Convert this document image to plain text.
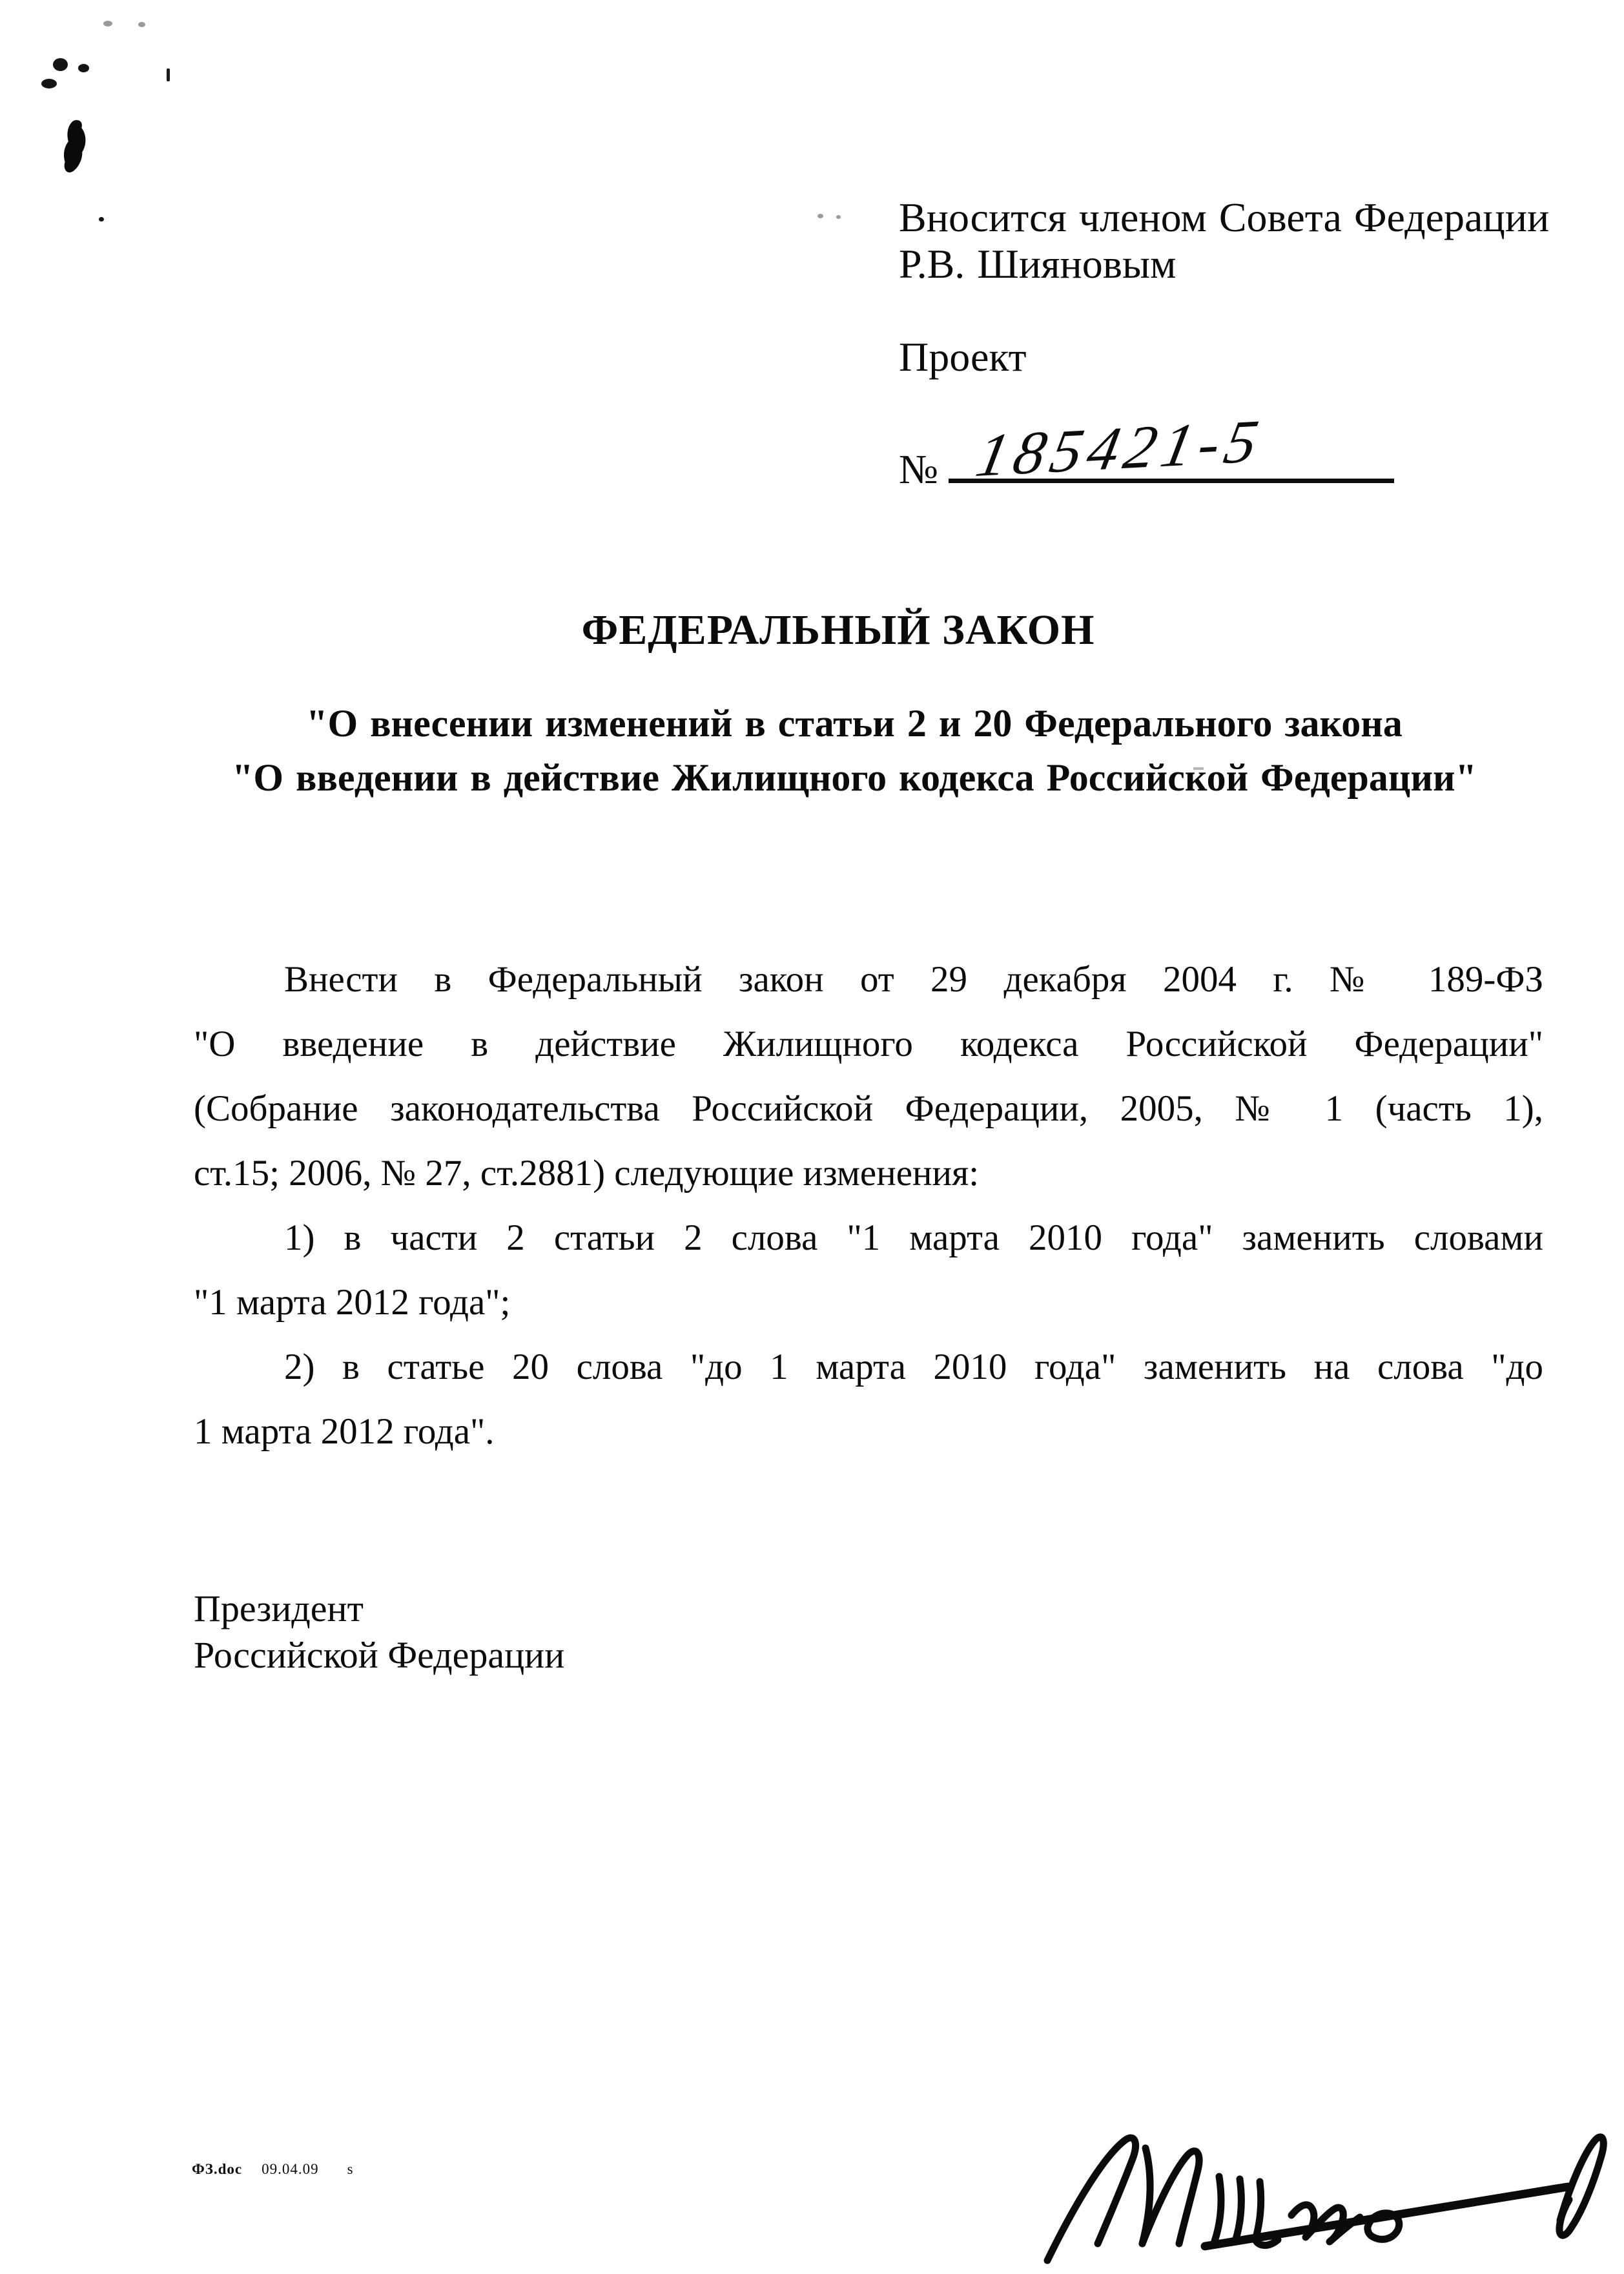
Вносится членом Совета Федерации
Р.В. Шияновым
Проект
№ 185421-5
ФЕДЕРАЛЬНЫЙ ЗАКОН
"О внесении изменений в статьи 2 и 20 Федерального закона
"О введении в действие Жилищного кодекса Российской Федерации"
Внести в Федеральный закон от 29 декабря 2004 г. № 189-ФЗ
"О введение в действие Жилищного кодекса Российской Федерации"
(Собрание законодательства Российской Федерации, 2005, № 1 (часть 1),
ст.15; 2006, № 27, ст.2881) следующие изменения:
1) в части 2 статьи 2 слова "1 марта 2010 года" заменить словами
"1 марта 2012 года";
2) в статье 20 слова "до 1 марта 2010 года" заменить на слова "до
1 марта 2012 года".
Президент
Российской Федерации
ФЗ.doc 09.04.09 s
